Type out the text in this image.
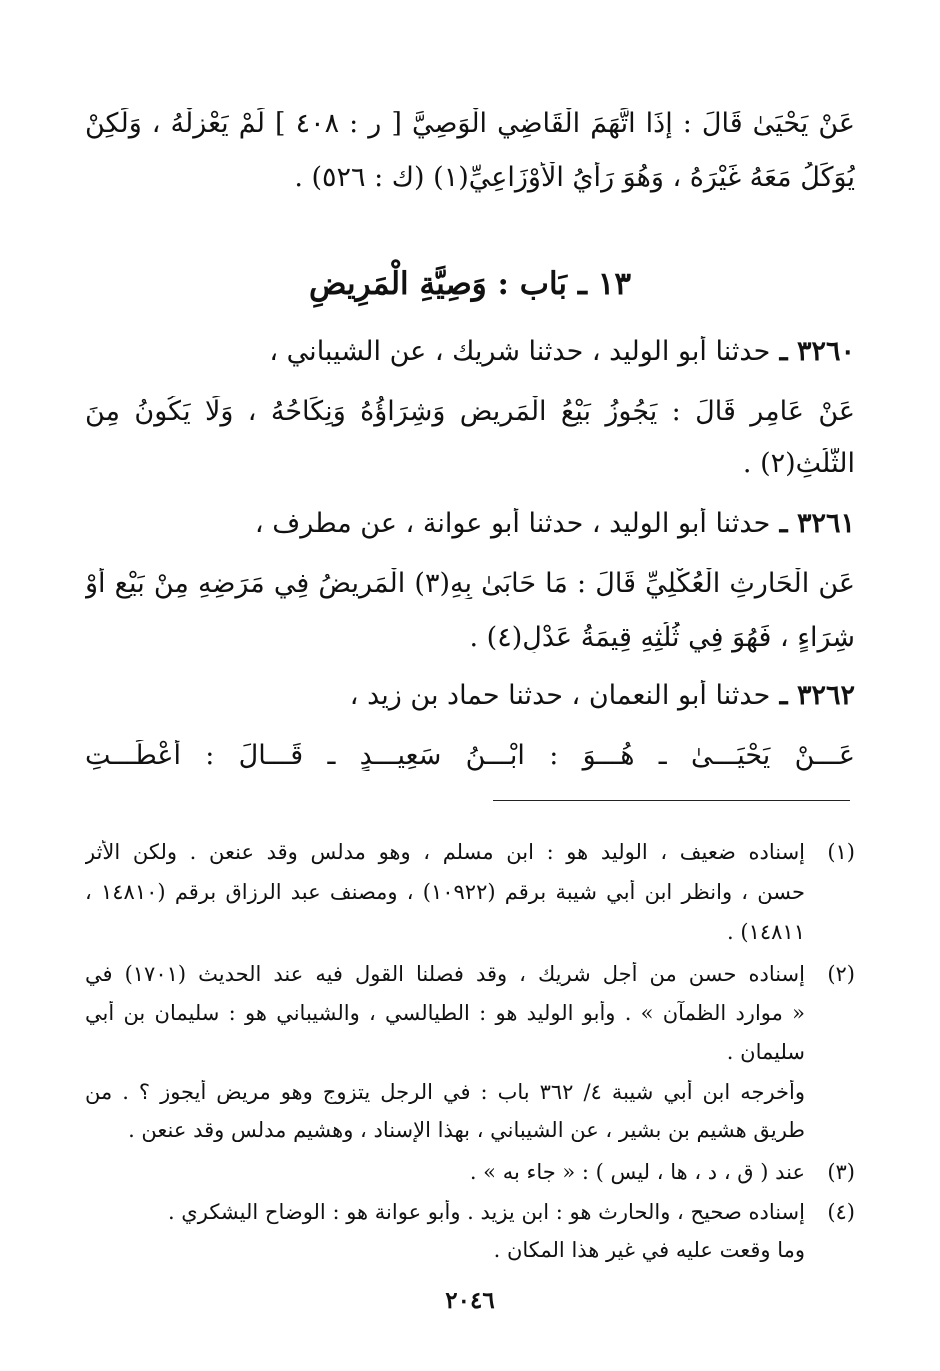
عَنْ يَحْيَىٰ قَالَ : إِذَا اتَّهَمَ الْقَاضِي الْوَصِيَّ [ ر : ٤٠٨ ] لَمْ يَعْزِلْهُ ، وَلَكِنْ
يُوَكِّلُ مَعَهُ غَيْرَهُ ، وَهُوَ رَأْيُ الْأَوْزَاعِيِّ(١) (ك : ٥٢٦) .
١٣ ـ بَاب : وَصِيَّةِ الْمَرِيضِ
٣٢٦٠ ـ حدثنا أبو الوليد ، حدثنا شريك ، عن الشيباني ،
عَنْ عَامِرٍ قَالَ : يَجُوزُ بَيْعُ الْمَرِيضِ وَشِرَاؤُهُ وَنِكَاحُهُ ، وَلَا يَكُونُ مِنَ
الثُّلُثِ(٢) .
٣٢٦١ ـ حدثنا أبو الوليد ، حدثنا أبو عوانة ، عن مطرف ،
عَنِ الْحَارِثِ الْعُكْلِيِّ قَالَ : مَا حَابَىٰ بِهِ(٣) الْمَرِيضُ فِي مَرَضِهِ مِنْ بَيْعٍ أَوْ
شِرَاءٍ ، فَهُوَ فِي ثُلُثِهِ قِيمَةُ عَدْلٍ(٤) .
٣٢٦٢ ـ حدثنا أبو النعمان ، حدثنا حماد بن زيد ،
عَـــنْ يَحْيَـــىٰ ـ هُـــوَ : ابْـــنُ سَعِيـــدٍ ـ قَـــالَ : أَعْطَـــتِ
(١)
إسناده ضعيف ، الوليد هو : ابن مسلم ، وهو مدلس وقد عنعن . ولكن الأثر
حسن ، وانظر ابن أبي شيبة برقم (١٠٩٢٢) ، ومصنف عبد الرزاق برقم (١٤٨١٠ ،
١٤٨١١) .
(٢)
إسناده حسن من أجل شريك ، وقد فصلنا القول فيه عند الحديث (١٧٠١) في
« موارد الظمآن » . وأبو الوليد هو : الطيالسي ، والشيباني هو : سليمان بن أبي
سليمان .
وأخرجه ابن أبي شيبة ٤/ ٣٦٢ باب : في الرجل يتزوج وهو مريض أيجوز ؟ . من
طريق هشيم بن بشير ، عن الشيباني ، بهذا الإسناد ، وهشيم مدلس وقد عنعن .
(٣)
عند ( ق ، د ، ها ، ليس ) : « جاء به » .
(٤)
إسناده صحيح ، والحارث هو : ابن يزيد . وأبو عوانة هو : الوضاح اليشكري .
وما وقعت عليه في غير هذا المكان .
٢٠٤٦
